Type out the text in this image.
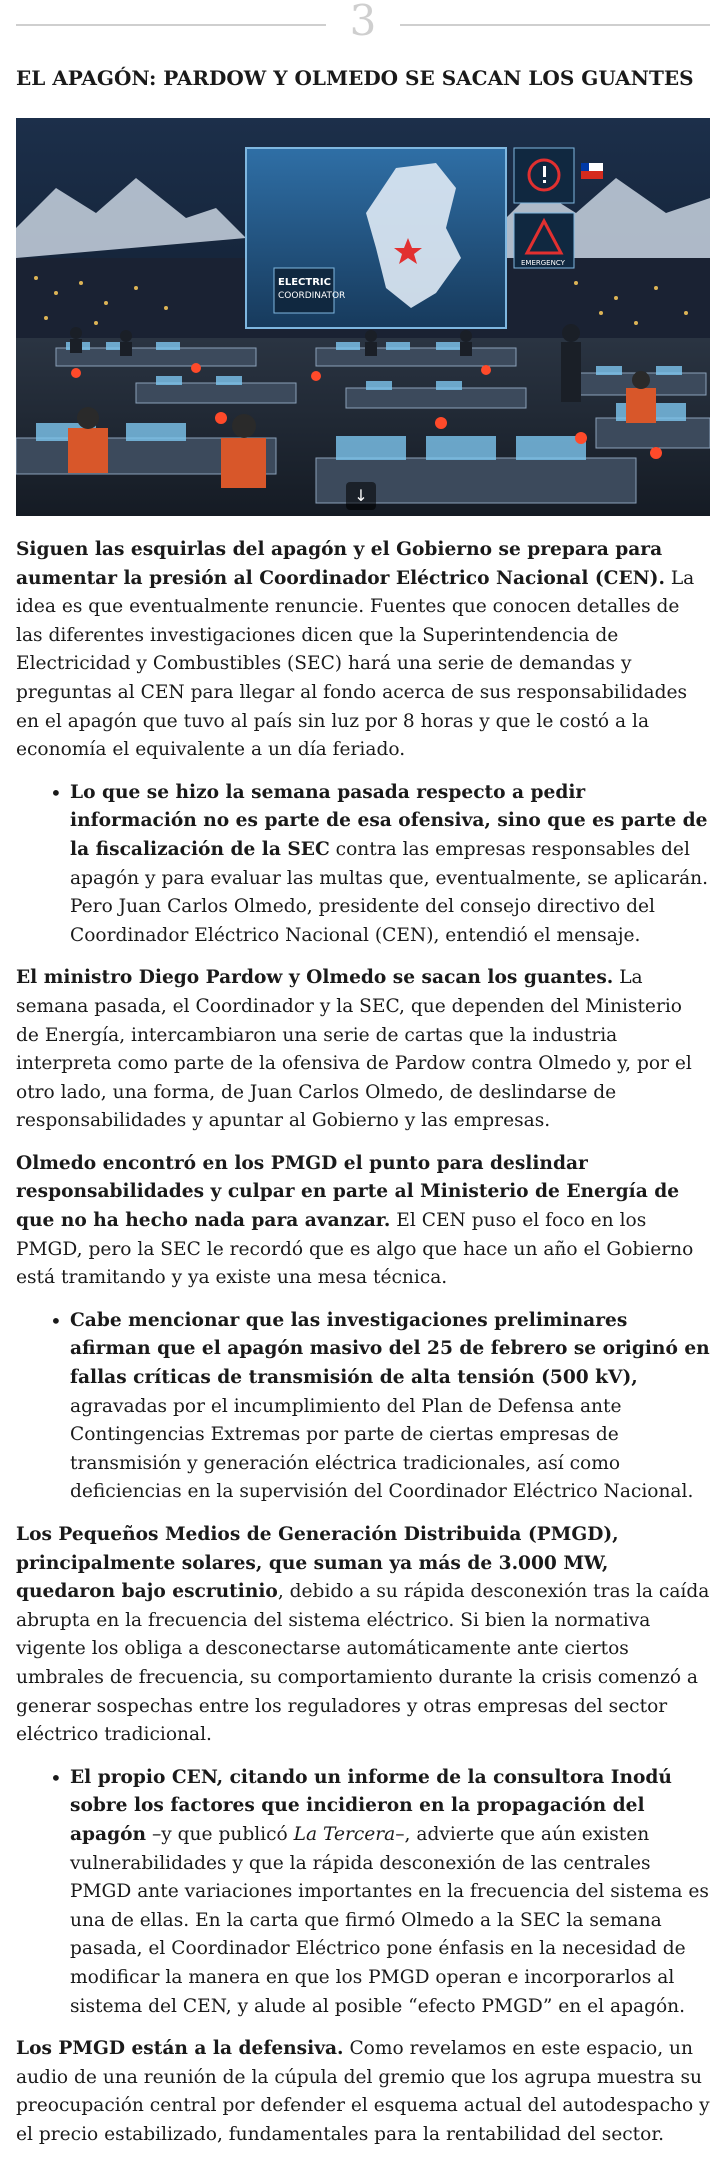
3
EL APAGÓN: PARDOW Y OLMEDO SE SACAN LOS GUANTES
ELECTRIC
COORDINATOR
EMERGENCY
↓

Siguen las esquirlas del apagón y el Gobierno se prepara para aumentar la presión al Coordinador Eléctrico Nacional (CEN). La idea es que eventualmente renuncie. Fuentes que conocen detalles de las diferentes investigaciones dicen que la Superintendencia de Electricidad y Combustibles (SEC) hará una serie de demandas y preguntas al CEN para llegar al fondo acerca de sus responsabilidades en el apagón que tuvo al país sin luz por 8 horas y que le costó a la economía el equivalente a un día feriado.

• Lo que se hizo la semana pasada respecto a pedir información no es parte de esa ofensiva, sino que es parte de la fiscalización de la SEC contra las empresas responsables del apagón y para evaluar las multas que, eventualmente, se aplicarán. Pero Juan Carlos Olmedo, presidente del consejo directivo del Coordinador Eléctrico Nacional (CEN), entendió el mensaje.

El ministro Diego Pardow y Olmedo se sacan los guantes. La semana pasada, el Coordinador y la SEC, que dependen del Ministerio de Energía, intercambiaron una serie de cartas que la industria interpreta como parte de la ofensiva de Pardow contra Olmedo y, por el otro lado, una forma, de Juan Carlos Olmedo, de deslindarse de responsabilidades y apuntar al Gobierno y las empresas.

Olmedo encontró en los PMGD el punto para deslindar responsabilidades y culpar en parte al Ministerio de Energía de que no ha hecho nada para avanzar. El CEN puso el foco en los PMGD, pero la SEC le recordó que es algo que hace un año el Gobierno está tramitando y ya existe una mesa técnica.

• Cabe mencionar que las investigaciones preliminares afirman que el apagón masivo del 25 de febrero se originó en fallas críticas de transmisión de alta tensión (500 kV), agravadas por el incumplimiento del Plan de Defensa ante Contingencias Extremas por parte de ciertas empresas de transmisión y generación eléctrica tradicionales, así como deficiencias en la supervisión del Coordinador Eléctrico Nacional.

Los Pequeños Medios de Generación Distribuida (PMGD), principalmente solares, que suman ya más de 3.000 MW, quedaron bajo escrutinio, debido a su rápida desconexión tras la caída abrupta en la frecuencia del sistema eléctrico. Si bien la normativa vigente los obliga a desconectarse automáticamente ante ciertos umbrales de frecuencia, su comportamiento durante la crisis comenzó a generar sospechas entre los reguladores y otras empresas del sector eléctrico tradicional.

• El propio CEN, citando un informe de la consultora Inodú sobre los factores que incidieron en la propagación del apagón –y que publicó La Tercera–, advierte que aún existen vulnerabilidades y que la rápida desconexión de las centrales PMGD ante variaciones importantes en la frecuencia del sistema es una de ellas. En la carta que firmó Olmedo a la SEC la semana pasada, el Coordinador Eléctrico pone énfasis en la necesidad de modificar la manera en que los PMGD operan e incorporarlos al sistema del CEN, y alude al posible “efecto PMGD” en el apagón.

Los PMGD están a la defensiva. Como revelamos en este espacio, un audio de una reunión de la cúpula del gremio que los agrupa muestra su preocupación central por defender el esquema actual del autodespacho y el precio estabilizado, fundamentales para la rentabilidad del sector.
